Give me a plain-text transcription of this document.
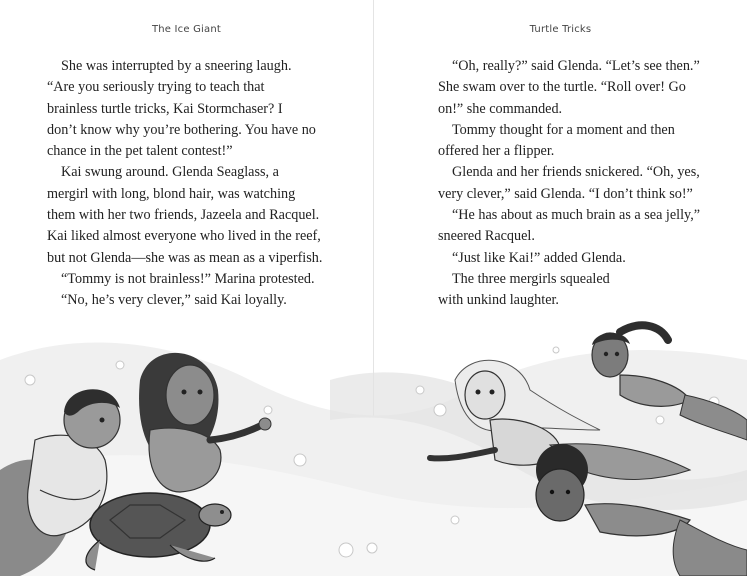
The Ice Giant
She was interrupted by a sneering laugh.
“Are you seriously trying to teach that
brainless turtle tricks, Kai Stormchaser? I
don’t know why you’re bothering. You have no
chance in the pet talent contest!”
Kai swung around. Glenda Seaglass, a
mergirl with long, blond hair, was watching
them with her two friends, Jazeela and Racquel.
Kai liked almost everyone who lived in the reef,
but not Glenda—she was as mean as a viperfish.
“Tommy is not brainless!” Marina protested.
“No, he’s very clever,” said Kai loyally.
Turtle Tricks
“Oh, really?” said Glenda. “Let’s see then.”
She swam over to the turtle. “Roll over! Go
on!” she commanded.
Tommy thought for a moment and then
offered her a flipper.
Glenda and her friends snickered. “Oh, yes,
very clever,” said Glenda. “I don’t think so!”
“He has about as much brain as a sea jelly,”
sneered Racquel.
“Just like Kai!” added Glenda.
The three mergirls squealed
with unkind laughter.
